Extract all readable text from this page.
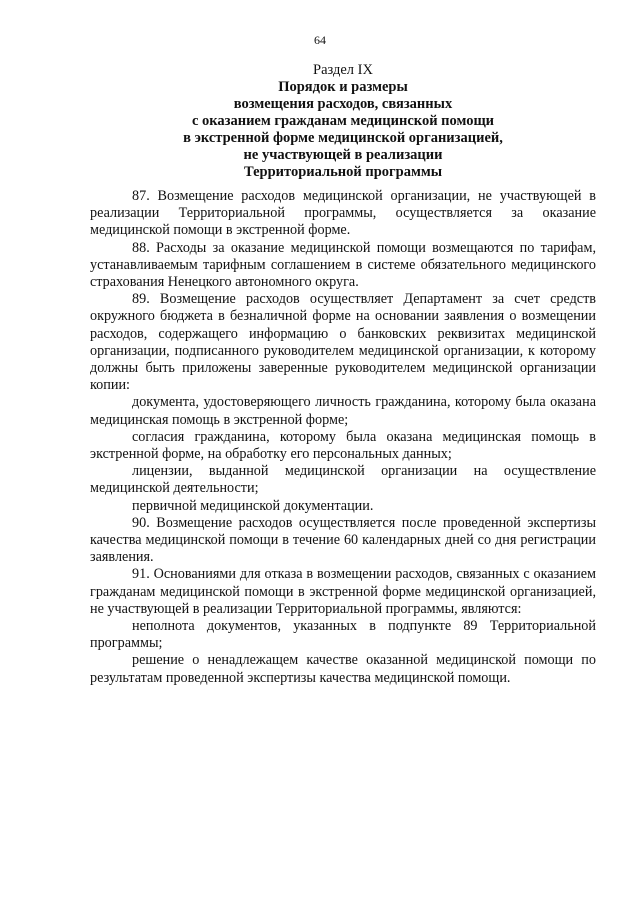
64
Раздел IX
Порядок и размеры
возмещения расходов, связанных
с оказанием гражданам медицинской помощи
в экстренной форме медицинской организацией,
не участвующей в реализации
Территориальной программы

87. Возмещение расходов медицинской организации, не участвующей в реализации Территориальной программы, осуществляется за оказание медицинской помощи в экстренной форме.

88. Расходы за оказание медицинской помощи возмещаются по тарифам, устанавливаемым тарифным соглашением в системе обязательного медицинского страхования Ненецкого автономного округа.

89. Возмещение расходов осуществляет Департамент за счет средств окружного бюджета в безналичной форме на основании заявления о возмещении расходов, содержащего информацию о банковских реквизитах медицинской организации, подписанного руководителем медицинской организации, к которому должны быть приложены заверенные руководителем медицинской организации копии:

документа, удостоверяющего личность гражданина, которому была оказана медицинская помощь в экстренной форме;

согласия гражданина, которому была оказана медицинская помощь в экстренной форме, на обработку его персональных данных;

лицензии, выданной медицинской организации на осуществление медицинской деятельности;

первичной медицинской документации.

90. Возмещение расходов осуществляется после проведенной экспертизы качества медицинской помощи в течение 60 календарных дней со дня регистрации заявления.

91. Основаниями для отказа в возмещении расходов, связанных с оказанием гражданам медицинской помощи в экстренной форме медицинской организацией, не участвующей в реализации Территориальной программы, являются:

неполнота документов, указанных в подпункте 89 Территориальной программы;

решение о ненадлежащем качестве оказанной медицинской помощи по результатам проведенной экспертизы качества медицинской помощи.
